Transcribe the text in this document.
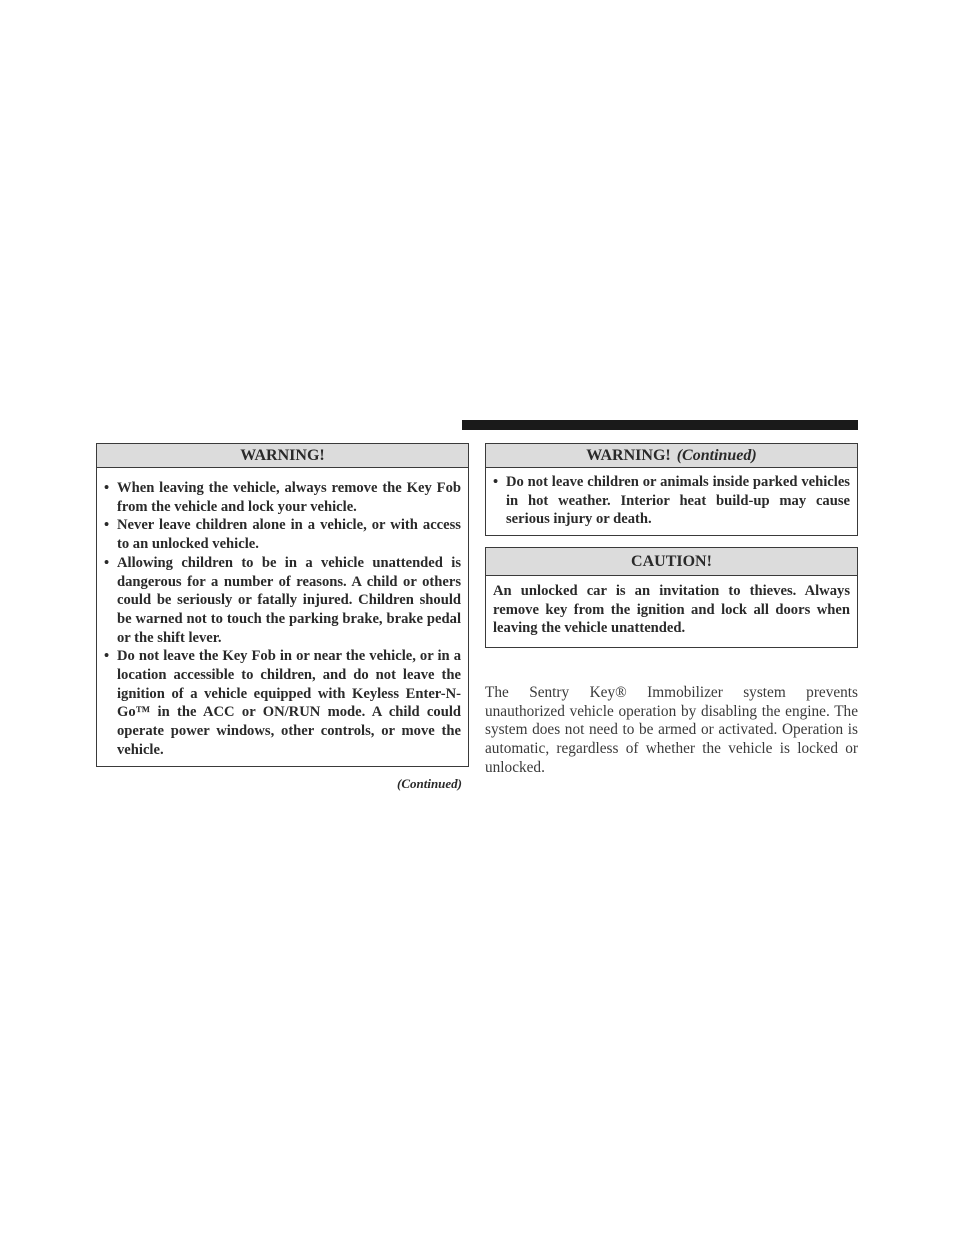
WARNING!
• When leaving the vehicle, always remove the Key Fob from the vehicle and lock your vehicle.
• Never leave children alone in a vehicle, or with access to an unlocked vehicle.
• Allowing children to be in a vehicle unattended is dangerous for a number of reasons. A child or others could be seriously or fatally injured. Children should be warned not to touch the parking brake, brake pedal or the shift lever.
• Do not leave the Key Fob in or near the vehicle, or in a location accessible to children, and do not leave the ignition of a vehicle equipped with Keyless Enter-N-Go™ in the ACC or ON/RUN mode. A child could operate power windows, other controls, or move the vehicle.
(Continued)
WARNING! (Continued)
• Do not leave children or animals inside parked vehicles in hot weather. Interior heat build-up may cause serious injury or death.
CAUTION!
An unlocked car is an invitation to thieves. Always remove key from the ignition and lock all doors when leaving the vehicle unattended.

The Sentry Key® Immobilizer system prevents unauthorized vehicle operation by disabling the engine. The system does not need to be armed or activated. Operation is automatic, regardless of whether the vehicle is locked or unlocked.
